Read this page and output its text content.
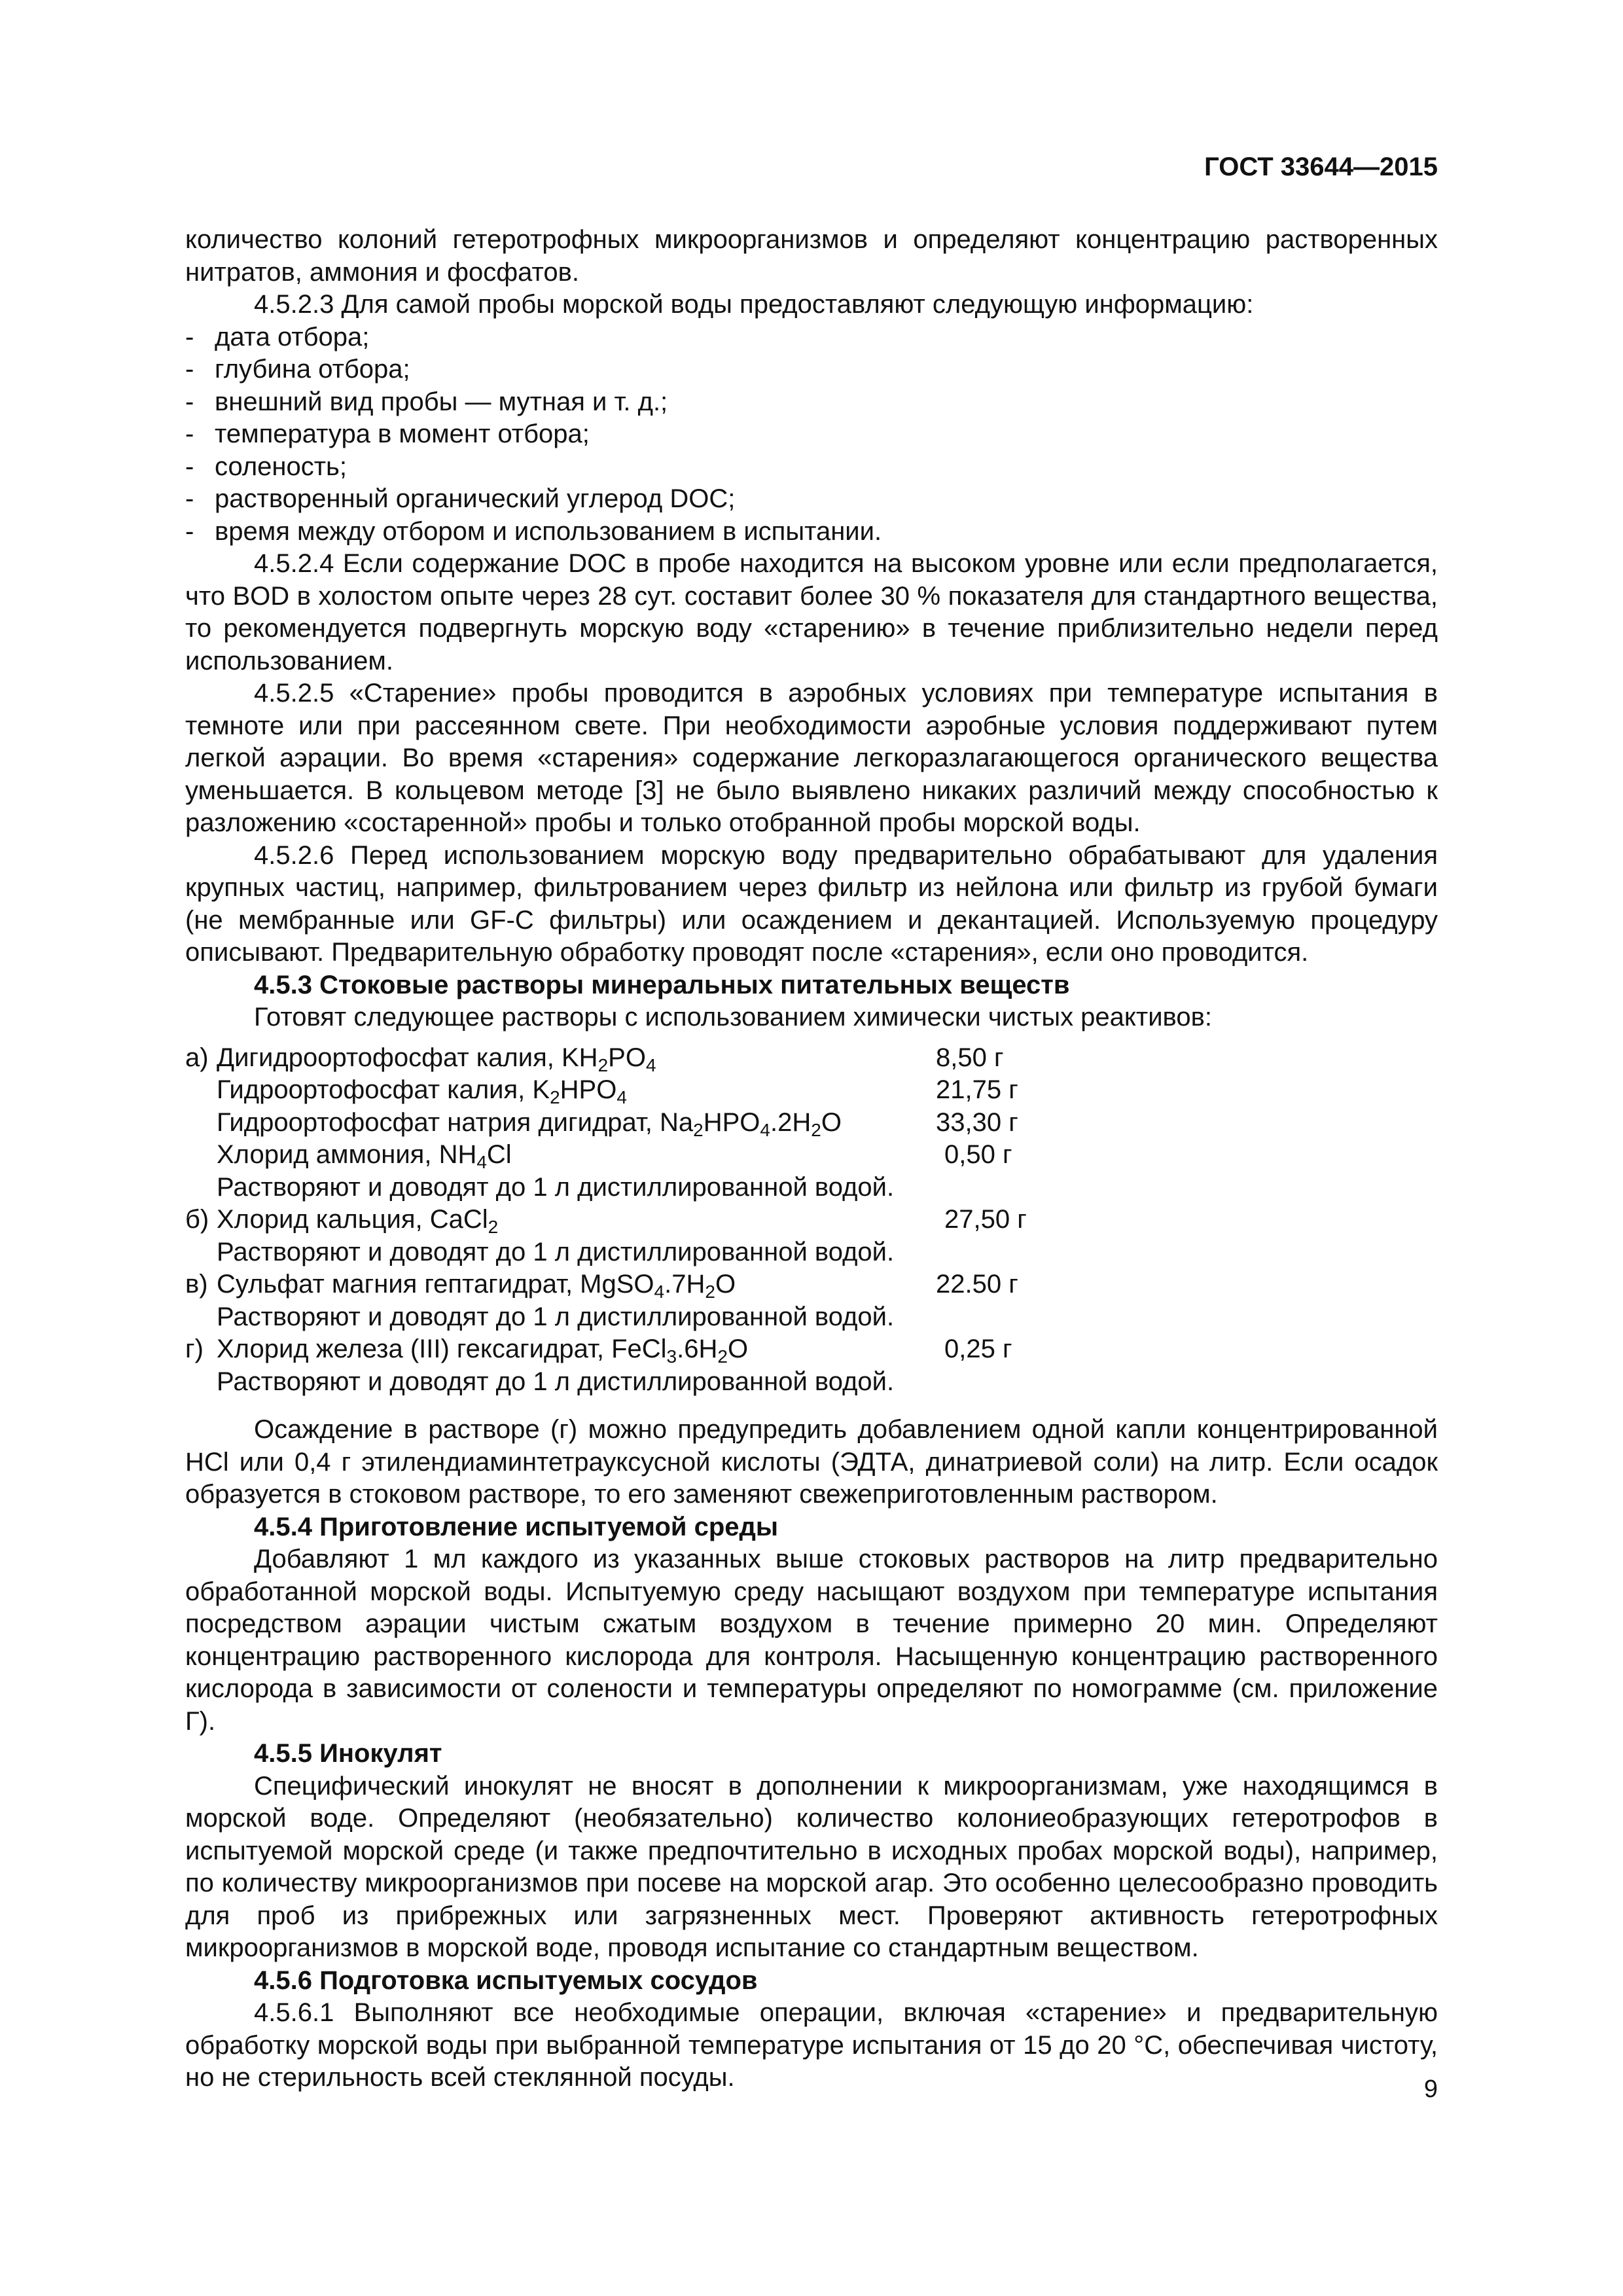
ГОСТ 33644—2015

количество колоний гетеротрофных микроорганизмов и определяют концентрацию растворенных нитратов, аммония и фосфатов.

4.5.2.3 Для самой пробы морской воды предоставляют следующую информацию:

- дата отбора;

- глубина отбора;

- внешний вид пробы — мутная и т. д.;

- температура в момент отбора;

- соленость;

- растворенный органический углерод DOC;

- время между отбором и использованием в испытании.

4.5.2.4 Если содержание DOC в пробе находится на высоком уровне или если предполагается, что BOD в холостом опыте через 28 сут. составит более 30 % показателя для стандартного вещества, то рекомендуется подвергнуть морскую воду «старению» в течение приблизительно недели перед использованием.

4.5.2.5 «Старение» пробы проводится в аэробных условиях при температуре испытания в темноте или при рассеянном свете. При необходимости аэробные условия поддерживают путем легкой аэрации. Во время «старения» содержание легкоразлагающегося органического вещества уменьшается. В кольцевом методе [3] не было выявлено никаких различий между способностью к разложению «состаренной» пробы и только отобранной пробы морской воды.

4.5.2.6 Перед использованием морскую воду предварительно обрабатывают для удаления крупных частиц, например, фильтрованием через фильтр из нейлона или фильтр из грубой бумаги (не мембранные или GF-C фильтры) или осаждением и декантацией. Используемую процедуру описывают. Предварительную обработку проводят после «старения», если оно проводится.

4.5.3 Стоковые растворы минеральных питательных веществ

Готовят следующее растворы с использованием химически чистых реактивов:

а) Дигидроортофосфат калия, $KH_2PO_4$	8,50 г
Гидроортофосфат калия, $K_2HPO_4$	21,75 г
Гидроортофосфат натрия дигидрат, $Na_2HPO_4.2H_2O$	33,30 г
Хлорид аммония, $NH_4Cl$	0,50 г
Растворяют и доводят до 1 л дистиллированной водой.
б) Хлорид кальция, CaCl$_2$	27,50 г
Растворяют и доводят до 1 л дистиллированной водой.
в) Сульфат магния гептагидрат, $MgSO_4.7H_2O$	22.50 г
Растворяют и доводят до 1 л дистиллированной водой.
г) Хлорид железа (III) гексагидрат, $FeCl_3.6H_2O$	0,25 г
Растворяют и доводят до 1 л дистиллированной водой.

Осаждение в растворе (г) можно предупредить добавлением одной капли концентрированной HCl или 0,4 г этилендиаминтетрауксусной кислоты (ЭДТА, динатриевой соли) на литр. Если осадок образуется в стоковом растворе, то его заменяют свежеприготовленным раствором.

4.5.4 Приготовление испытуемой среды

Добавляют 1 мл каждого из указанных выше стоковых растворов на литр предварительно обработанной морской воды. Испытуемую среду насыщают воздухом при температуре испытания посредством аэрации чистым сжатым воздухом в течение примерно 20 мин. Определяют концентрацию растворенного кислорода для контроля. Насыщенную концентрацию растворенного кислорода в зависимости от солености и температуры определяют по номограмме (см. приложение Г).

4.5.5 Инокулят

Специфический инокулят не вносят в дополнении к микроорганизмам, уже находящимся в морской воде. Определяют (необязательно) количество колониеобразующих гетеротрофов в испытуемой морской среде (и также предпочтительно в исходных пробах морской воды), например, по количеству микроорганизмов при посеве на морской агар. Это особенно целесообразно проводить для проб из прибрежных или загрязненных мест. Проверяют активность гетеротрофных микроорганизмов в морской воде, проводя испытание со стандартным веществом.

4.5.6 Подготовка испытуемых сосудов

4.5.6.1 Выполняют все необходимые операции, включая «старение» и предварительную обработку морской воды при выбранной температуре испытания от 15 до 20 °С, обеспечивая чистоту, но не стерильность всей стеклянной посуды.	9
